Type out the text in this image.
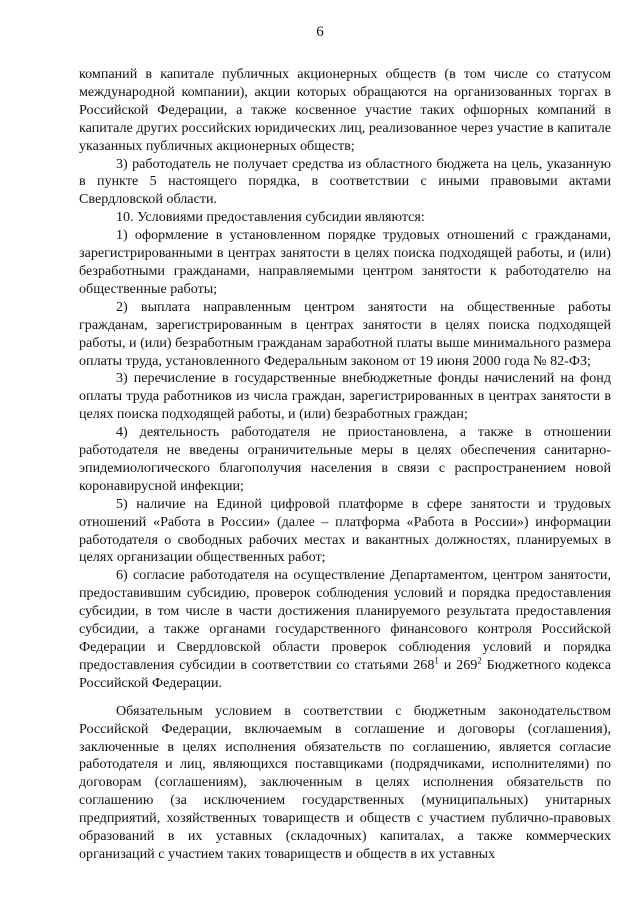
6

компаний в капитале публичных акционерных обществ (в том числе со статусом международной компании), акции которых обращаются на организованных торгах в Российской Федерации, а также косвенное участие таких офшорных компаний в капитале других российских юридических лиц, реализованное через участие в капитале указанных публичных акционерных обществ;

3) работодатель не получает средства из областного бюджета на цель, указанную в пункте 5 настоящего порядка, в соответствии с иными правовыми актами Свердловской области.

10. Условиями предоставления субсидии являются:

1) оформление в установленном порядке трудовых отношений с гражданами, зарегистрированными в центрах занятости в целях поиска подходящей работы, и (или) безработными гражданами, направляемыми центром занятости к работодателю на общественные работы;

2) выплата направленным центром занятости на общественные работы гражданам, зарегистрированным в центрах занятости в целях поиска подходящей работы, и (или) безработным гражданам заработной платы выше минимального размера оплаты труда, установленного Федеральным законом от 19 июня 2000 года № 82-ФЗ;

3) перечисление в государственные внебюджетные фонды начислений на фонд оплаты труда работников из числа граждан, зарегистрированных в центрах занятости в целях поиска подходящей работы, и (или) безработных граждан;

4) деятельность работодателя не приостановлена, а также в отношении работодателя не введены ограничительные меры в целях обеспечения санитарно-эпидемиологического благополучия населения в связи с распространением новой коронавирусной инфекции;

5) наличие на Единой цифровой платформе в сфере занятости и трудовых отношений «Работа в России» (далее – платформа «Работа в России») информации работодателя о свободных рабочих местах и вакантных должностях, планируемых в целях организации общественных работ;

6) согласие работодателя на осуществление Департаментом, центром занятости, предоставившим субсидию, проверок соблюдения условий и порядка предоставления субсидии, в том числе в части достижения планируемого результата предоставления субсидии, а также органами государственного финансового контроля Российской Федерации и Свердловской области проверок соблюдения условий и порядка предоставления субсидии в соответствии со статьями $268^1$ и $269^2$ Бюджетного кодекса Российской Федерации.

Обязательным условием в соответствии с бюджетным законодательством Российской Федерации, включаемым в соглашение и договоры (соглашения), заключенные в целях исполнения обязательств по соглашению, является согласие работодателя и лиц, являющихся поставщиками (подрядчиками, исполнителями) по договорам (соглашениям), заключенным в целях исполнения обязательств по соглашению (за исключением государственных (муниципальных) унитарных предприятий, хозяйственных товариществ и обществ с участием публично-правовых образований в их уставных (складочных) капиталах, а также коммерческих организаций с участием таких товариществ и обществ в их уставных
